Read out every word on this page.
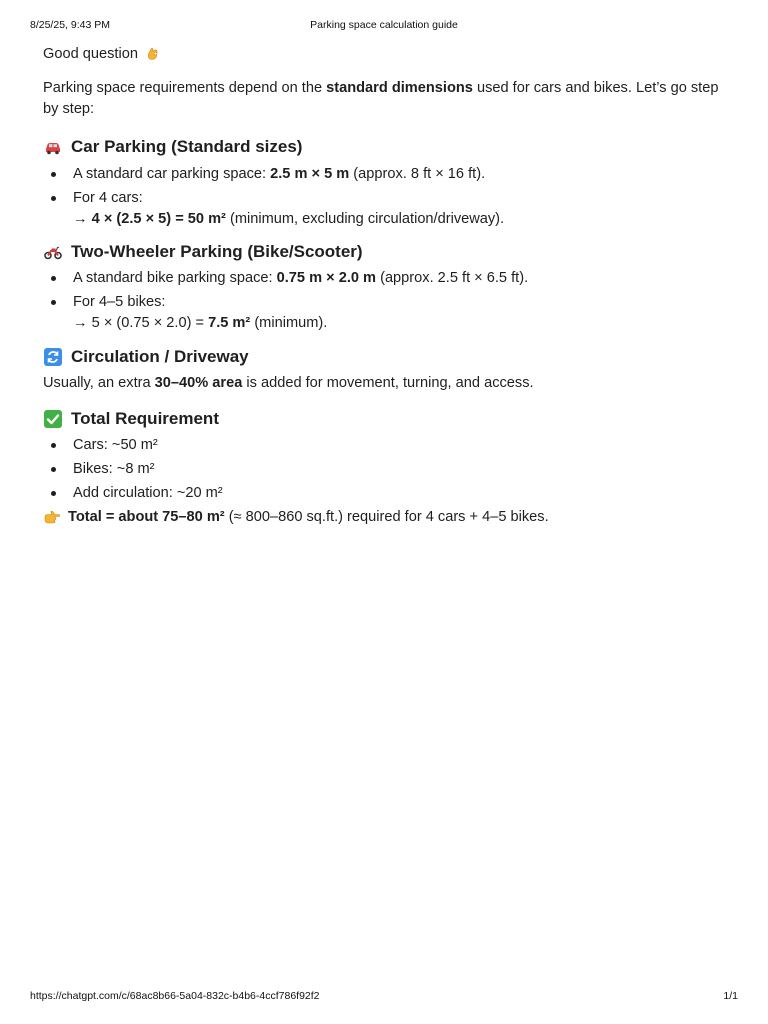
8/25/25, 9:43 PM	Parking space calculation guide

Good question

Parking space requirements depend on the standard dimensions used for cars and bikes. Let’s go step by step:

Car Parking (Standard sizes)
A standard car parking space: 2.5 m × 5 m (approx. 8 ft × 16 ft).
For 4 cars:
→ 4 × (2.5 × 5) = 50 m² (minimum, excluding circulation/driveway).
Two-Wheeler Parking (Bike/Scooter)
A standard bike parking space: 0.75 m × 2.0 m (approx. 2.5 ft × 6.5 ft).
For 4–5 bikes:
→ 5 × (0.75 × 2.0) = 7.5 m² (minimum).
Circulation / Driveway

Usually, an extra 30–40% area is added for movement, turning, and access.

Total Requirement
Cars: ~50 m²
Bikes: ~8 m²
Add circulation: ~20 m²

Total = about 75–80 m² (≈ 800–860 sq.ft.) required for 4 cars + 4–5 bikes.

https://chatgpt.com/c/68ac8b66-5a04-832c-b4b6-4ccf786f92f2	1/1
